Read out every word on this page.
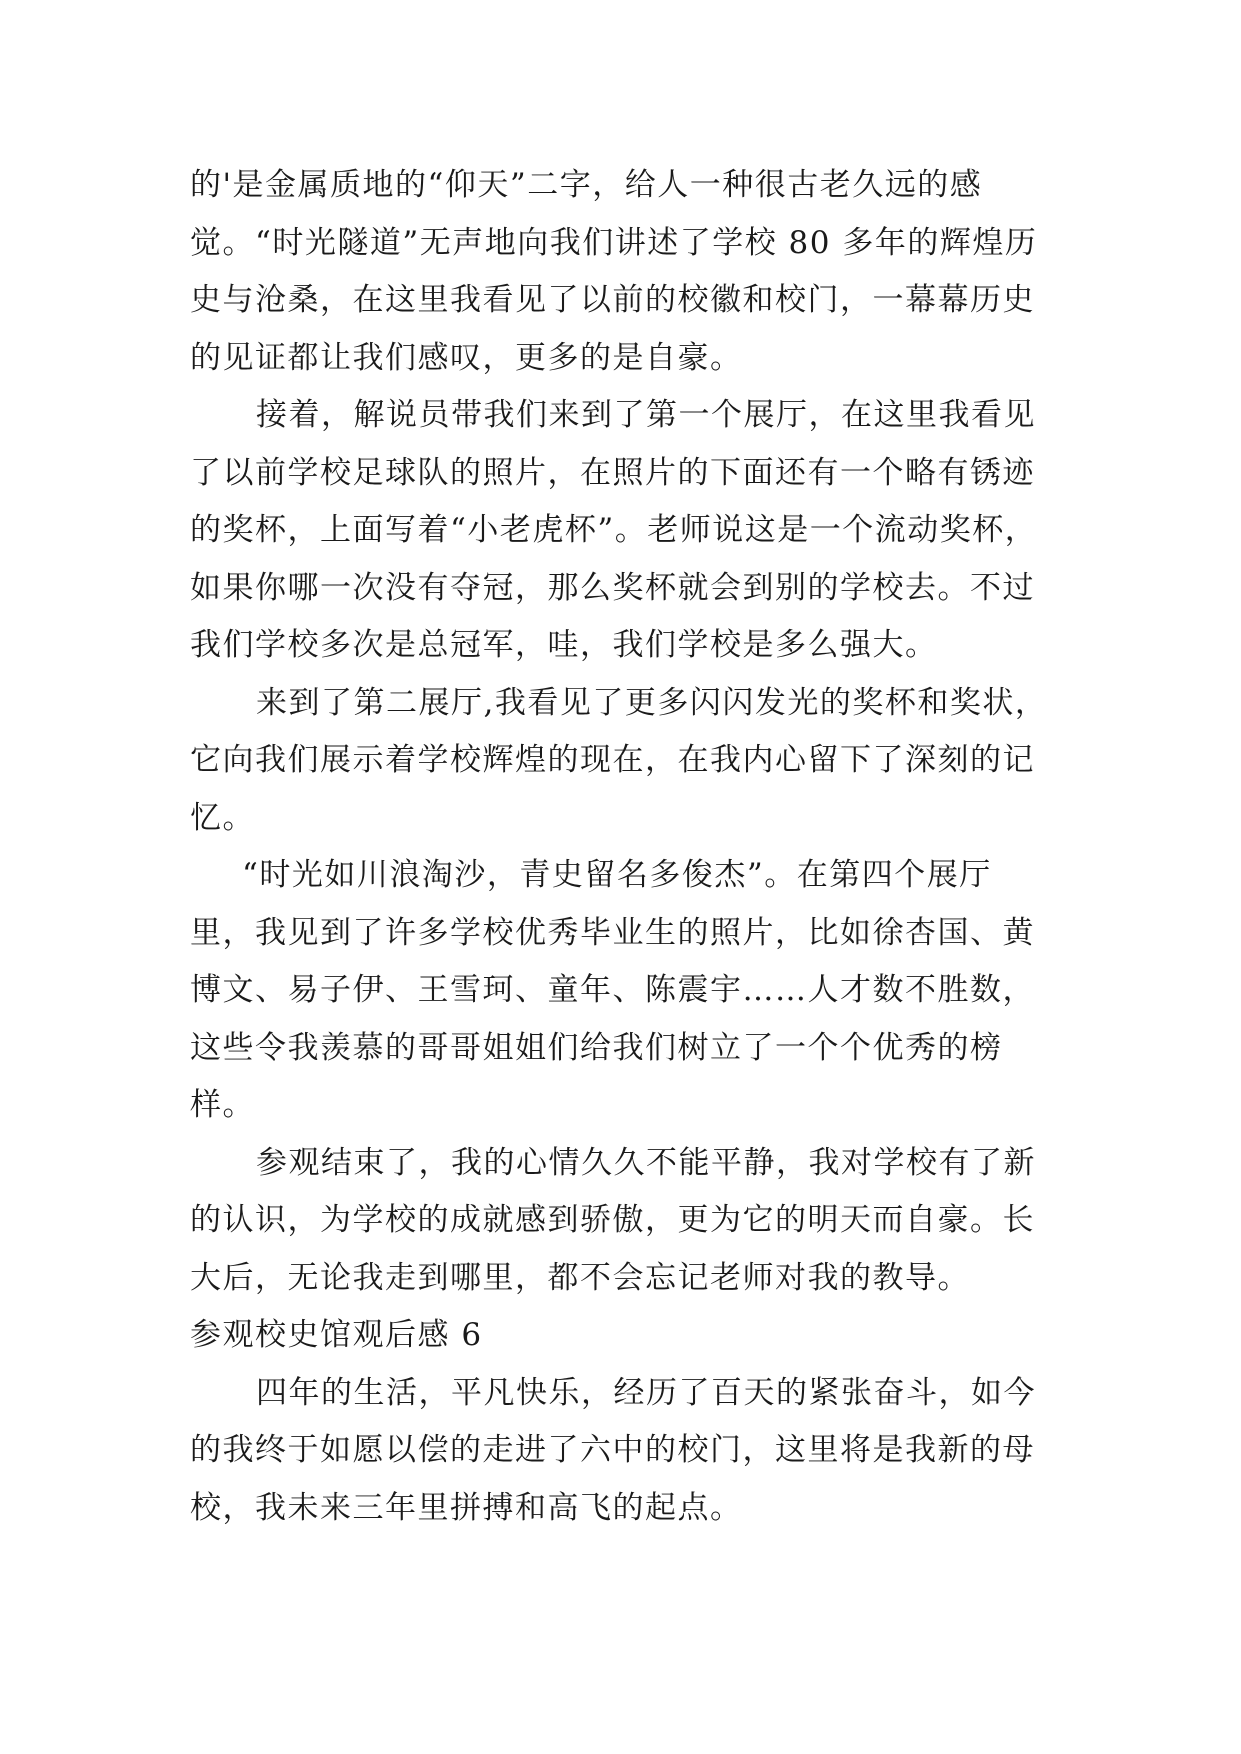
的'是金属质地的“仰天”二字，给人一种很古老久远的感
觉。“时光隧道”无声地向我们讲述了学校 80 多年的辉煌历
史与沧桑，在这里我看见了以前的校徽和校门，一幕幕历史
的见证都让我们感叹，更多的是自豪。
接着，解说员带我们来到了第一个展厅，在这里我看见
了以前学校足球队的照片，在照片的下面还有一个略有锈迹
的奖杯，上面写着“小老虎杯”。老师说这是一个流动奖杯，
如果你哪一次没有夺冠，那么奖杯就会到别的学校去。不过
我们学校多次是总冠军，哇，我们学校是多么强大。
来到了第二展厅,我看见了更多闪闪发光的奖杯和奖状，
它向我们展示着学校辉煌的现在，在我内心留下了深刻的记
忆。
“时光如川浪淘沙，青史留名多俊杰”。在第四个展厅
里，我见到了许多学校优秀毕业生的照片，比如徐杏国、黄
博文、易子伊、王雪珂、童年、陈震宇……人才数不胜数，
这些令我羡慕的哥哥姐姐们给我们树立了一个个优秀的榜
样。
参观结束了，我的心情久久不能平静，我对学校有了新
的认识，为学校的成就感到骄傲，更为它的明天而自豪。长
大后，无论我走到哪里，都不会忘记老师对我的教导。
参观校史馆观后感 6
四年的生活，平凡快乐，经历了百天的紧张奋斗，如今
的我终于如愿以偿的走进了六中的校门，这里将是我新的母
校，我未来三年里拼搏和高飞的起点。
